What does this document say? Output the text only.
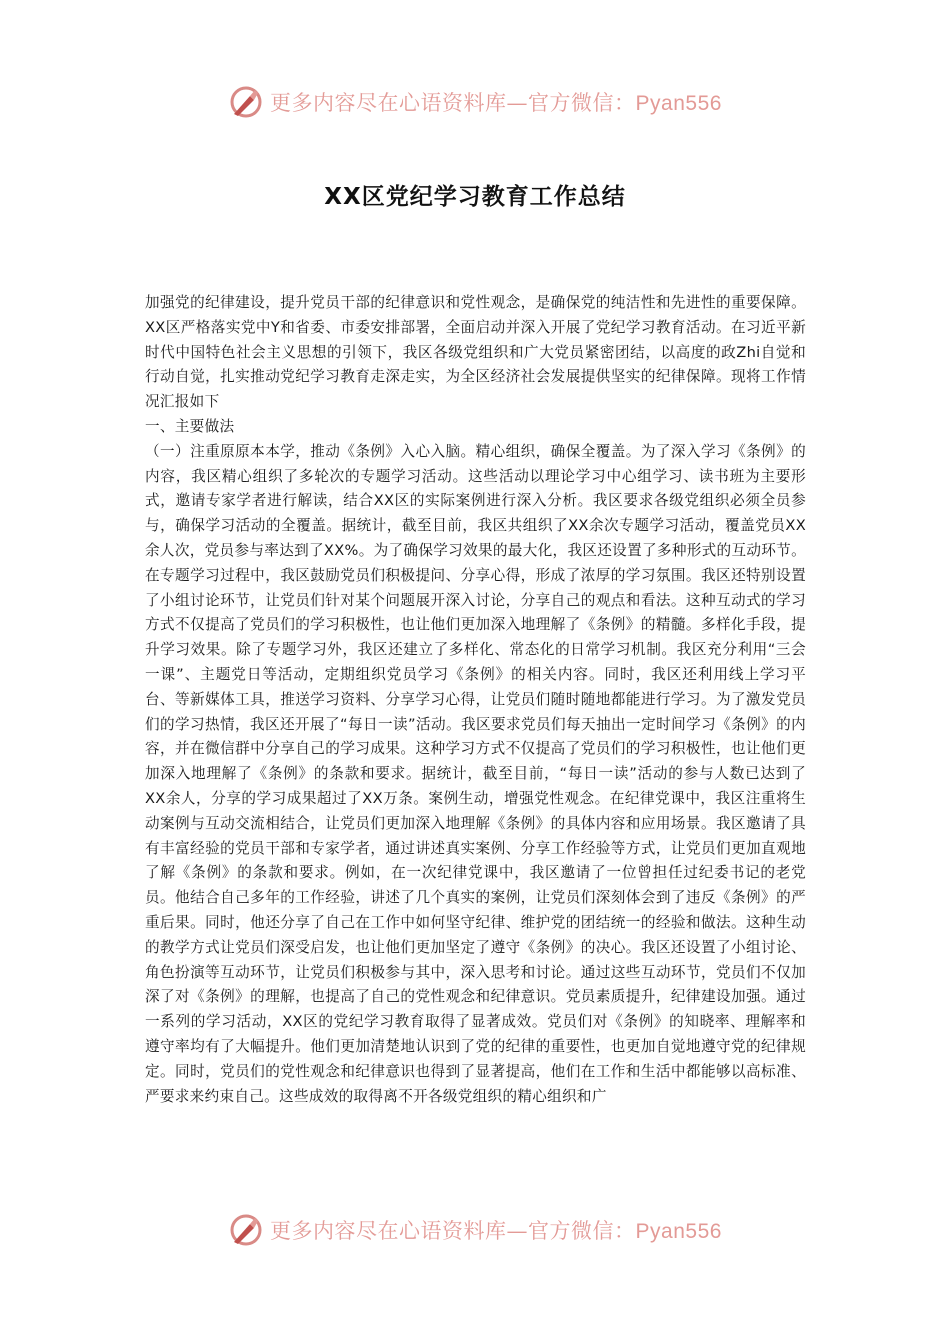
更多内容尽在心语资料库—官方微信：Pyan556
XX区党纪学习教育工作总结

加强党的纪律建设，提升党员干部的纪律意识和党性观念，是确保党的纯洁性和先进性的重要保障。XX区严格落实党中Y和省委、市委安排部署，全面启动并深入开展了党纪学习教育活动。在习近平新时代中国特色社会主义思想的引领下，我区各级党组织和广大党员紧密团结，以高度的政Zhi自觉和行动自觉，扎实推动党纪学习教育走深走实，为全区经济社会发展提供坚实的纪律保障。现将工作情况汇报如下

一、主要做法

（一）注重原原本本学，推动《条例》入心入脑。精心组织，确保全覆盖。为了深入学习《条例》的内容，我区精心组织了多轮次的专题学习活动。这些活动以理论学习中心组学习、读书班为主要形式，邀请专家学者进行解读，结合XX区的实际案例进行深入分析。我区要求各级党组织必须全员参与，确保学习活动的全覆盖。据统计，截至目前，我区共组织了XX余次专题学习活动，覆盖党员XX余人次，党员参与率达到了XX%。为了确保学习效果的最大化，我区还设置了多种形式的互动环节。在专题学习过程中，我区鼓励党员们积极提问、分享心得，形成了浓厚的学习氛围。我区还特别设置了小组讨论环节，让党员们针对某个问题展开深入讨论，分享自己的观点和看法。这种互动式的学习方式不仅提高了党员们的学习积极性，也让他们更加深入地理解了《条例》的精髓。多样化手段，提升学习效果。除了专题学习外，我区还建立了多样化、常态化的日常学习机制。我区充分利用“三会一课”、主题党日等活动，定期组织党员学习《条例》的相关内容。同时，我区还利用线上学习平台、等新媒体工具，推送学习资料、分享学习心得，让党员们随时随地都能进行学习。为了激发党员们的学习热情，我区还开展了“每日一读”活动。我区要求党员们每天抽出一定时间学习《条例》的内容，并在微信群中分享自己的学习成果。这种学习方式不仅提高了党员们的学习积极性，也让他们更加深入地理解了《条例》的条款和要求。据统计，截至目前，“每日一读”活动的参与人数已达到了XX余人，分享的学习成果超过了XX万条。案例生动，增强党性观念。在纪律党课中，我区注重将生动案例与互动交流相结合，让党员们更加深入地理解《条例》的具体内容和应用场景。我区邀请了具有丰富经验的党员干部和专家学者，通过讲述真实案例、分享工作经验等方式，让党员们更加直观地了解《条例》的条款和要求。例如，在一次纪律党课中，我区邀请了一位曾担任过纪委书记的老党员。他结合自己多年的工作经验，讲述了几个真实的案例，让党员们深刻体会到了违反《条例》的严重后果。同时，他还分享了自己在工作中如何坚守纪律、维护党的团结统一的经验和做法。这种生动的教学方式让党员们深受启发，也让他们更加坚定了遵守《条例》的决心。我区还设置了小组讨论、角色扮演等互动环节，让党员们积极参与其中，深入思考和讨论。通过这些互动环节，党员们不仅加深了对《条例》的理解，也提高了自己的党性观念和纪律意识。党员素质提升，纪律建设加强。通过一系列的学习活动，XX区的党纪学习教育取得了显著成效。党员们对《条例》的知晓率、理解率和遵守率均有了大幅提升。他们更加清楚地认识到了党的纪律的重要性，也更加自觉地遵守党的纪律规定。同时，党员们的党性观念和纪律意识也得到了显著提高，他们在工作和生活中都能够以高标准、严要求来约束自己。这些成效的取得离不开各级党组织的精心组织和广

更多内容尽在心语资料库—官方微信：Pyan556
